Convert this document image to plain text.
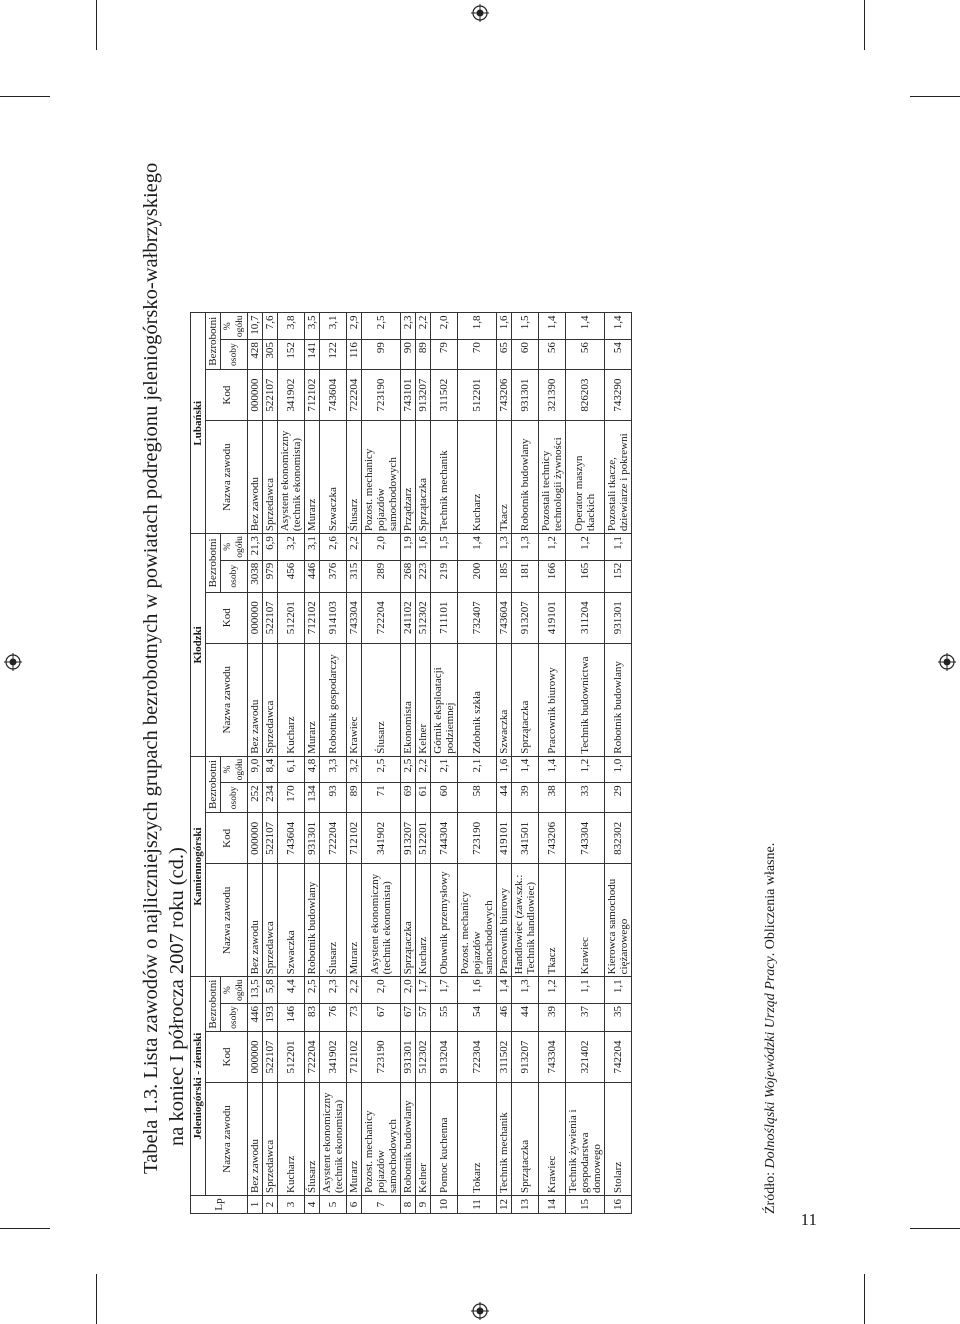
Tabela 1.3. Lista zawodów o najliczniejszych grupach bezrobotnych w powiatach podregionu jeleniogórsko-wałbrzyskiego na koniec I półrocza 2007 roku (cd.)
Lp	Jeleniogórski - ziemski				Kamiennogórski				Kłodzki				Lubański			
	Nazwa zawodu	Kod	Bezrobotni		Nazwa zawodu	Kod	Bezrobotni		Nazwa zawodu	Kod	Bezrobotni		Nazwa zawodu	Kod	Bezrobotni	
			osoby	% ogółu			osoby	% ogółu			osoby	% ogółu			osoby	% ogółu
1	Bez zawodu	000000	446	13,5	Bez zawodu	000000	252	9,0	Bez zawodu	000000	3038	21,3	Bez zawodu	000000	428	10,7
2	Sprzedawca	522107	193	5,8	Sprzedawca	522107	234	8,4	Sprzedawca	522107	979	6,9	Sprzedawca	522107	305	7,6
3	Kucharz	512201	146	4,4	Szwaczka	743604	170	6,1	Kucharz	512201	456	3,2	Asystent ekonomiczny (technik ekonomista)	341902	152	3,8
4	Ślusarz	722204	83	2,5	Robotnik budowlany	931301	134	4,8	Murarz	712102	446	3,1	Murarz	712102	141	3,5
5	Asystent ekonomiczny (technik ekonomista)	341902	76	2,3	Ślusarz	722204	93	3,3	Robotnik gospodarczy	914103	376	2,6	Szwaczka	743604	122	3,1
6	Murarz	712102	73	2,2	Murarz	712102	89	3,2	Krawiec	743304	315	2,2	Ślusarz	722204	116	2,9
7	Pozost. mechanicy pojazdów samochodowych	723190	67	2,0	Asystent ekonomiczny (technik ekonomista)	341902	71	2,5	Ślusarz	722204	289	2,0	Pozost. mechanicy pojazdów samochodowych	723190	99	2,5
8	Robotnik budowlany	931301	67	2,0	Sprzątaczka	913207	69	2,5	Ekonomista	241102	268	1,9	Prządzarz	743101	90	2,3
9	Kelner	512302	57	1,7	Kucharz	512201	61	2,2	Kelner	512302	223	1,6	Sprzątaczka	913207	89	2,2
10	Pomoc kuchenna	913204	55	1,7	Obuwnik przemysłowy	744304	60	2,1	Górnik eksploatacji podziemnej	711101	219	1,5	Technik mechanik	311502	79	2,0
11	Tokarz	722304	54	1,6	Pozost. mechanicy pojazdów samochodowych	723190	58	2,1	Zdobnik szkła	732407	200	1,4	Kucharz	512201	70	1,8
12	Technik mechanik	311502	46	1,4	Pracownik biurowy	419101	44	1,6	Szwaczka	743604	185	1,3	Tkacz	743206	65	1,6
13	Sprzątaczka	913207	44	1,3	Handlowiec (zaw.szk.: Technik handlowiec)	341501	39	1,4	Sprzątaczka	913207	181	1,3	Robotnik budowlany	931301	60	1,5
14	Krawiec	743304	39	1,2	Tkacz	743206	38	1,4	Pracownik biurowy	419101	166	1,2	Pozostali technicy technologii żywności	321390	56	1,4
15	Technik żywienia i gospodarstwa domowego	321402	37	1,1	Krawiec	743304	33	1,2	Technik budownictwa	311204	165	1,2	Operator maszyn tkackich	826203	56	1,4
16	Stolarz	742204	35	1,1	Kierowca samochodu ciężarowego	832302	29	1,0	Robotnik budowlany	931301	152	1,1	Pozostali tkacze, dziewiarze i pokrewni	743290	54	1,4
Źródło: Dolnośląski Wojewódzki Urząd Pracy. Obliczenia własne.
11
